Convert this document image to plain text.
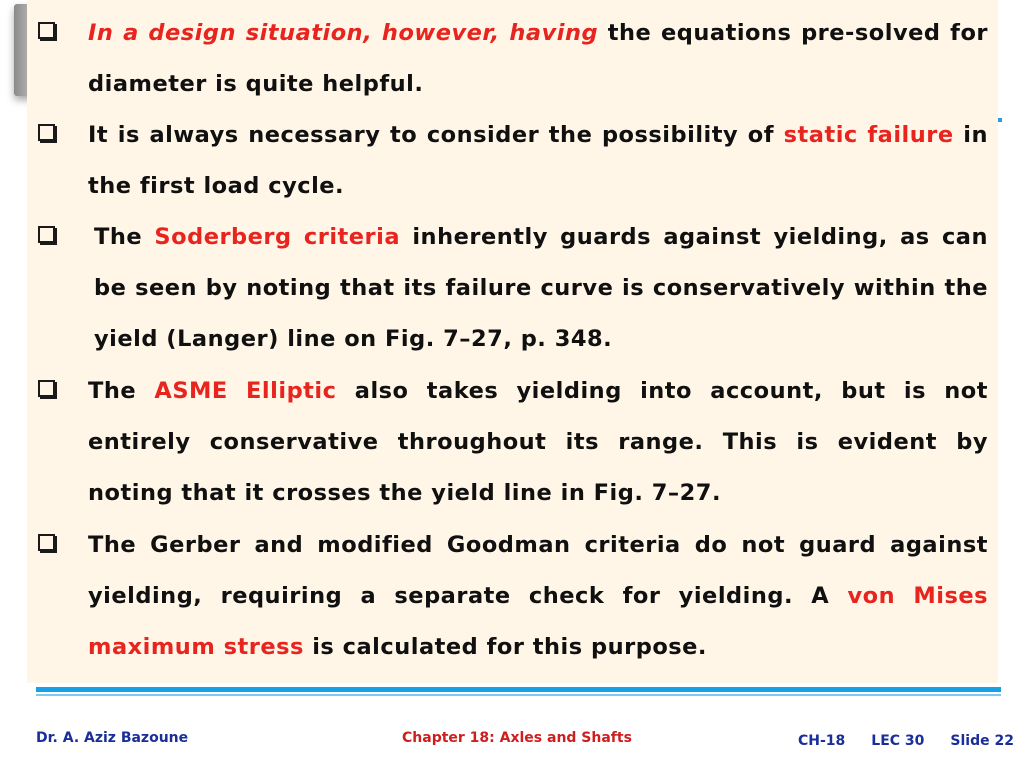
In a design situation, however, having the equations pre-solved for diameter is quite helpful.
It is always necessary to consider the possibility of static failure in the first load cycle.
The Soderberg criteria inherently guards against yielding, as can be seen by noting that its failure curve is conservatively within the yield (Langer) line on Fig. 7–27, p. 348.
The ASME Elliptic also takes yielding into account, but is not entirely conservative throughout its range. This is evident by noting that it crosses the yield line in Fig. 7–27.
The Gerber and modified Goodman criteria do not guard against yielding, requiring a separate check for yielding. A von Mises maximum stress is calculated for this purpose.
Dr. A. Aziz Bazoune	Chapter 18: Axles and Shafts	CH-18 LEC 30 Slide 22
